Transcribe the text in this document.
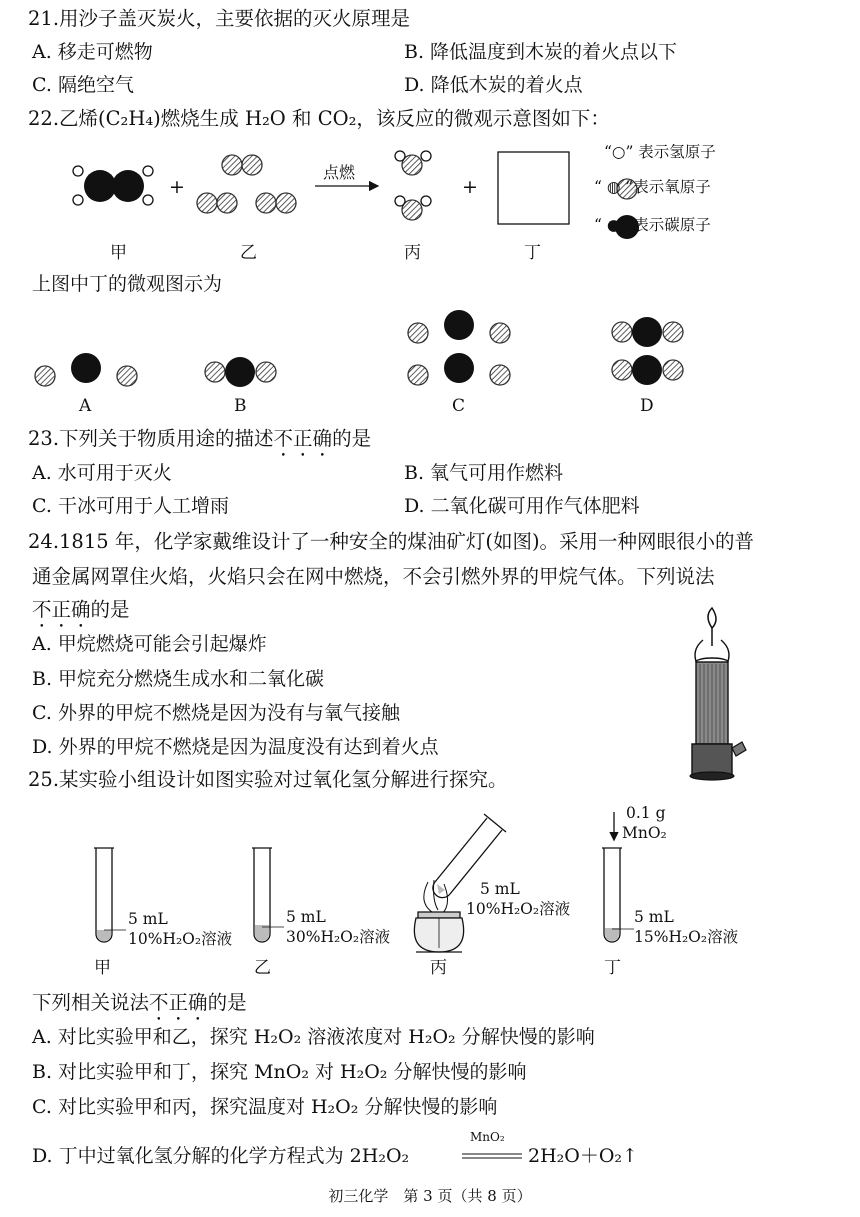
21.用沙子盖灭炭火，主要依据的灭火原理是
A. 移走可燃物	B. 降低温度到木炭的着火点以下
C. 隔绝空气	D. 降低木炭的着火点
22.乙烯(C₂H₄)燃烧生成 H₂O 和 CO₂，该反应的微观示意图如下：
+
点燃
+
甲	乙	丙	丁
“○” 表示氢原子
“ ◍ ”表示氧原子
“ ● ”表示碳原子
上图中丁的微观图示为
A	B	C	D
23.下列关于物质用途的描述不正确的是
A. 水可用于灭火	B. 氧气可用作燃料
C. 干冰可用于人工增雨	D. 二氧化碳可用作气体肥料
24.1815 年，化学家戴维设计了一种安全的煤油矿灯(如图)。采用一种网眼很小的普
通金属网罩住火焰，火焰只会在网中燃烧，不会引燃外界的甲烷气体。下列说法
不正确的是
A. 甲烷燃烧可能会引起爆炸
B. 甲烷充分燃烧生成水和二氧化碳
C. 外界的甲烷不燃烧是因为没有与氧气接触
D. 外界的甲烷不燃烧是因为温度没有达到着火点
25.某实验小组设计如图实验对过氧化氢分解进行探究。
0.1 g
MnO₂
5 mL
10%H₂O₂溶液
甲
5 mL
30%H₂O₂溶液
乙
5 mL
10%H₂O₂溶液
丙
5 mL
15%H₂O₂溶液
丁
下列相关说法不正确的是
A. 对比实验甲和乙，探究 H₂O₂ 溶液浓度对 H₂O₂ 分解快慢的影响
B. 对比实验甲和丁，探究 MnO₂ 对 H₂O₂ 分解快慢的影响
C. 对比实验甲和丙，探究温度对 H₂O₂ 分解快慢的影响
D. 丁中过氧化氢分解的化学方程式为 2H₂O₂
MnO₂
2H₂O＋O₂↑
初三化学　第 3 页（共 8 页）
